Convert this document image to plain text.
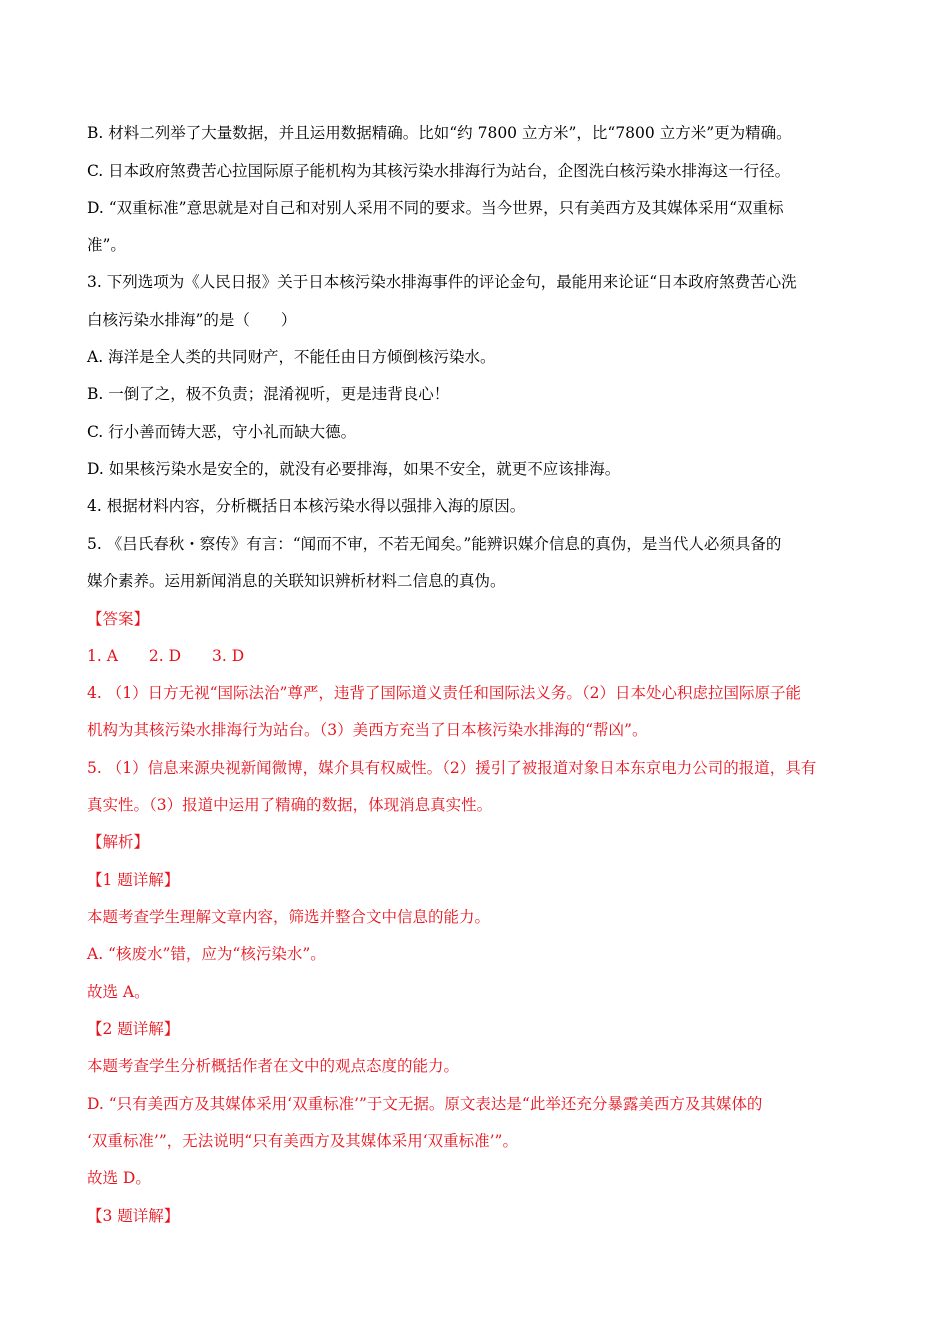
B. 材料二列举了大量数据，并且运用数据精确。比如“约 7800 立方米”，比“7800 立方米”更为精确。
C. 日本政府煞费苦心拉国际原子能机构为其核污染水排海行为站台，企图洗白核污染水排海这一行径。
D. “双重标准”意思就是对自己和对别人采用不同的要求。当今世界，只有美西方及其媒体采用“双重标
准”。
3. 下列选项为《人民日报》关于日本核污染水排海事件的评论金句，最能用来论证“日本政府煞费苦心洗
白核污染水排海”的是（　　）
A. 海洋是全人类的共同财产，不能任由日方倾倒核污染水。
B. 一倒了之，极不负责；混淆视听，更是违背良心！
C. 行小善而铸大恶，守小礼而缺大德。
D. 如果核污染水是安全的，就没有必要排海，如果不安全，就更不应该排海。
4. 根据材料内容，分析概括日本核污染水得以强排入海的原因。
5. 《吕氏春秋・察传》有言：“闻而不审，不若无闻矣。”能辨识媒介信息的真伪，是当代人必须具备的
媒介素养。运用新闻消息的关联知识辨析材料二信息的真伪。
【答案】
1. A　　2. D　　3. D
4. （1）日方无视“国际法治”尊严，违背了国际道义责任和国际法义务。（2）日本处心积虑拉国际原子能
机构为其核污染水排海行为站台。（3）美西方充当了日本核污染水排海的“帮凶”。
5. （1）信息来源央视新闻微博，媒介具有权威性。（2）援引了被报道对象日本东京电力公司的报道，具有
真实性。（3）报道中运用了精确的数据，体现消息真实性。
【解析】
【1 题详解】
本题考查学生理解文章内容，筛选并整合文中信息的能力。
A. “核废水”错，应为“核污染水”。
故选 A。
【2 题详解】
本题考查学生分析概括作者在文中的观点态度的能力。
D. “只有美西方及其媒体采用‘双重标准’”于文无据。原文表达是“此举还充分暴露美西方及其媒体的
‘双重标准’”，无法说明“只有美西方及其媒体采用‘双重标准’”。
故选 D。
【3 题详解】
